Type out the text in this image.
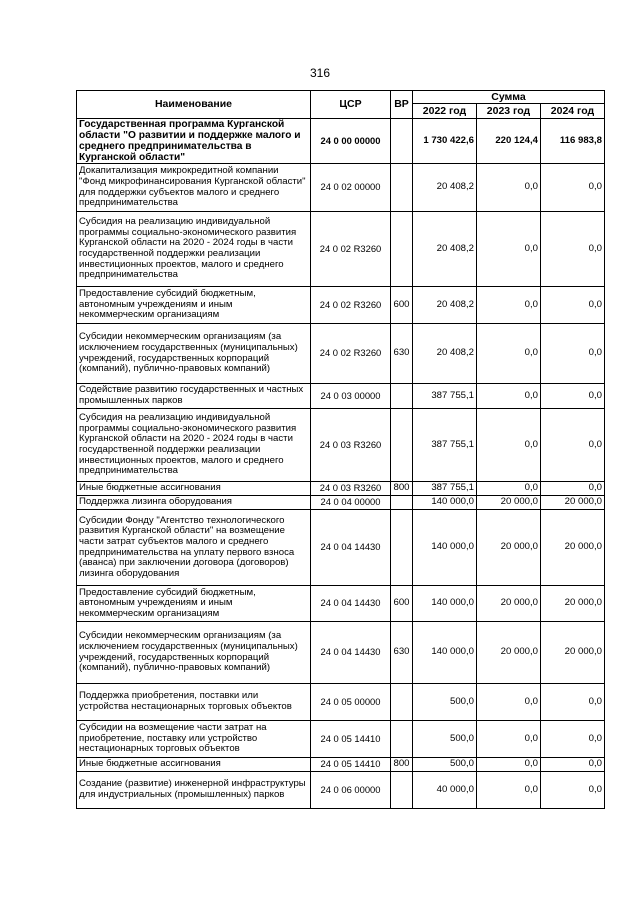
316
Наименование	ЦСР	ВР	Сумма		
			2022 год	2023 год	2024 год
Государственная программа Курганской области "О развитии и поддержке малого и среднего предпринимательства в Курганской области"	24 0 00 00000		1 730 422,6	220 124,4	116 983,8
Докапитализация микрокредитной компании "Фонд микрофинансирования Курганской области" для поддержки субъектов малого и среднего предпринимательства	24 0 02 00000		20 408,2	0,0	0,0
Субсидия на реализацию индивидуальной программы социально-экономического развития Курганской области на 2020 - 2024 годы в части государственной поддержки реализации инвестиционных проектов, малого и среднего предпринимательства	24 0 02 R3260		20 408,2	0,0	0,0
Предоставление субсидий бюджетным, автономным учреждениям и иным некоммерческим организациям	24 0 02 R3260	600	20 408,2	0,0	0,0
Субсидии некоммерческим организациям (за исключением государственных (муниципальных) учреждений, государственных корпораций (компаний), публично-правовых компаний)	24 0 02 R3260	630	20 408,2	0,0	0,0
Содействие развитию государственных и частных промышленных парков	24 0 03 00000		387 755,1	0,0	0,0
Субсидия на реализацию индивидуальной программы социально-экономического развития Курганской области на 2020 - 2024 годы в части государственной поддержки реализации инвестиционных проектов, малого и среднего предпринимательства	24 0 03 R3260		387 755,1	0,0	0,0
Иные бюджетные ассигнования	24 0 03 R3260	800	387 755,1	0,0	0,0
Поддержка лизинга оборудования	24 0 04 00000		140 000,0	20 000,0	20 000,0
Субсидии Фонду "Агентство технологического развития Курганской области" на возмещение части затрат субъектов малого и среднего предпринимательства на уплату первого взноса (аванса) при заключении договора (договоров) лизинга оборудования	24 0 04 14430		140 000,0	20 000,0	20 000,0
Предоставление субсидий бюджетным, автономным учреждениям и иным некоммерческим организациям	24 0 04 14430	600	140 000,0	20 000,0	20 000,0
Субсидии некоммерческим организациям (за исключением государственных (муниципальных) учреждений, государственных корпораций (компаний), публично-правовых компаний)	24 0 04 14430	630	140 000,0	20 000,0	20 000,0
Поддержка приобретения, поставки или устройства нестационарных торговых объектов	24 0 05 00000		500,0	0,0	0,0
Субсидии на возмещение части затрат на приобретение, поставку или устройство нестационарных торговых объектов	24 0 05 14410		500,0	0,0	0,0
Иные бюджетные ассигнования	24 0 05 14410	800	500,0	0,0	0,0
Создание (развитие) инженерной инфраструктуры для индустриальных (промышленных) парков	24 0 06 00000		40 000,0	0,0	0,0
